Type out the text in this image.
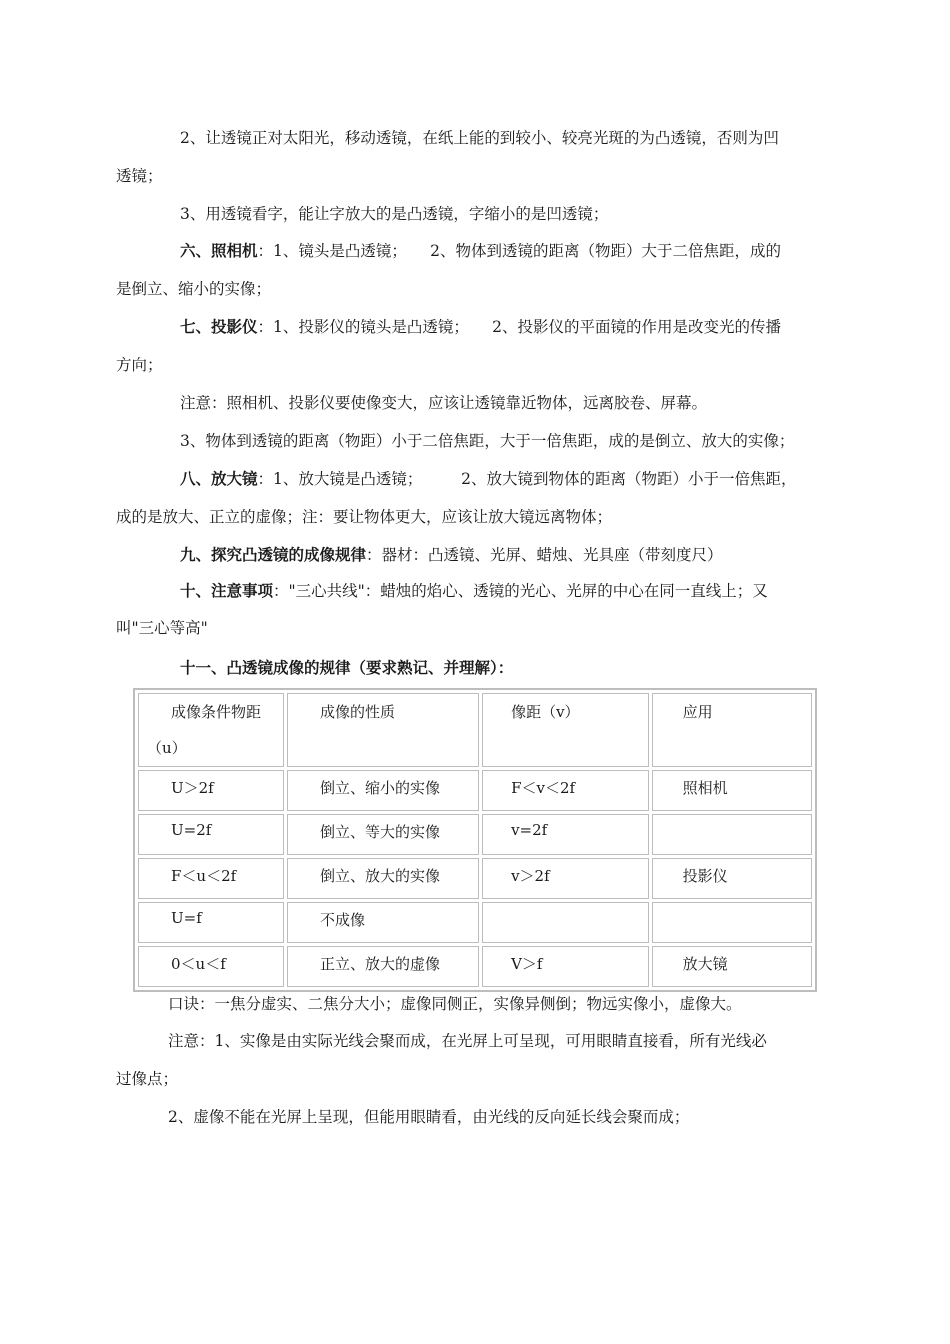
2、让透镜正对太阳光，移动透镜，在纸上能的到较小、较亮光斑的为凸透镜，否则为凹
透镜；
3、用透镜看字，能让字放大的是凸透镜，字缩小的是凹透镜；
六、照相机：1、镜头是凸透镜；　　2、物体到透镜的距离（物距）大于二倍焦距，成的
是倒立、缩小的实像；
七、投影仪：1、投影仪的镜头是凸透镜；　　2、投影仪的平面镜的作用是改变光的传播
方向；
注意：照相机、投影仪要使像变大，应该让透镜靠近物体，远离胶卷、屏幕。
3、物体到透镜的距离（物距）小于二倍焦距，大于一倍焦距，成的是倒立、放大的实像；
八、放大镜：1、放大镜是凸透镜；　　　2、放大镜到物体的距离（物距）小于一倍焦距，
成的是放大、正立的虚像；注：要让物体更大，应该让放大镜远离物体；
九、探究凸透镜的成像规律：器材：凸透镜、光屏、蜡烛、光具座（带刻度尺）
十、注意事项："三心共线"：蜡烛的焰心、透镜的光心、光屏的中心在同一直线上；又
叫"三心等高"
十一、凸透镜成像的规律（要求熟记、并理解）：
成像条件物距
（u）	成像的性质	像距（v）	应用
U＞2f	倒立、缩小的实像	F＜v＜2f	照相机
U=2f	倒立、等大的实像	v=2f	
F＜u＜2f	倒立、放大的实像	v＞2f	投影仪
U=f	不成像		
0＜u＜f	正立、放大的虚像	V＞f	放大镜
口诀：一焦分虚实、二焦分大小；虚像同侧正，实像异侧倒；物远实像小，虚像大。
注意：1、实像是由实际光线会聚而成，在光屏上可呈现，可用眼睛直接看，所有光线必
过像点；
2、虚像不能在光屏上呈现，但能用眼睛看，由光线的反向延长线会聚而成；
